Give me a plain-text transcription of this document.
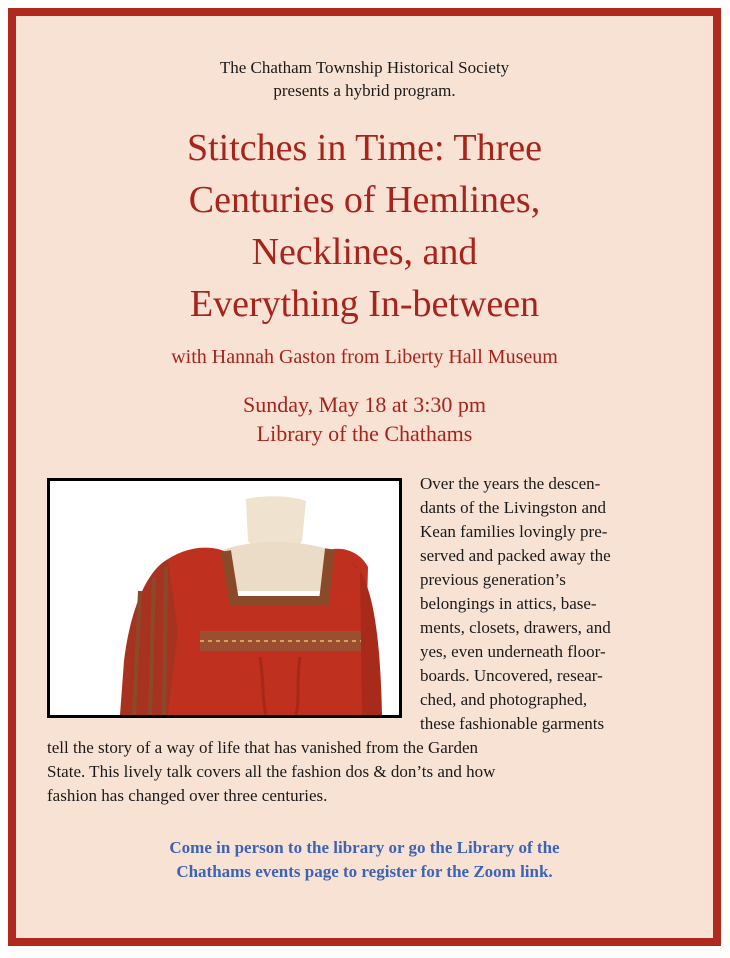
The Chatham Township Historical Society
presents a hybrid program.
Stitches in Time: Three
Centuries of Hemlines,
Necklines, and
Everything In-between
with Hannah Gaston from Liberty Hall Museum
Sunday, May 18 at 3:30 pm
Library of the Chathams
Over the years the descen-
dants of the Livingston and
Kean families lovingly pre-
served and packed away the
previous generation’s
belongings in attics, base-
ments, closets, drawers, and
yes, even underneath floor-
boards. Uncovered, resear-
ched, and photographed,
these fashionable garments
tell the story of a way of life that has vanished from the Garden
State. This lively talk covers all the fashion dos & don’ts and how
fashion has changed over three centuries.
Come in person to the library or go the Library of the
Chathams events page to register for the Zoom link.
